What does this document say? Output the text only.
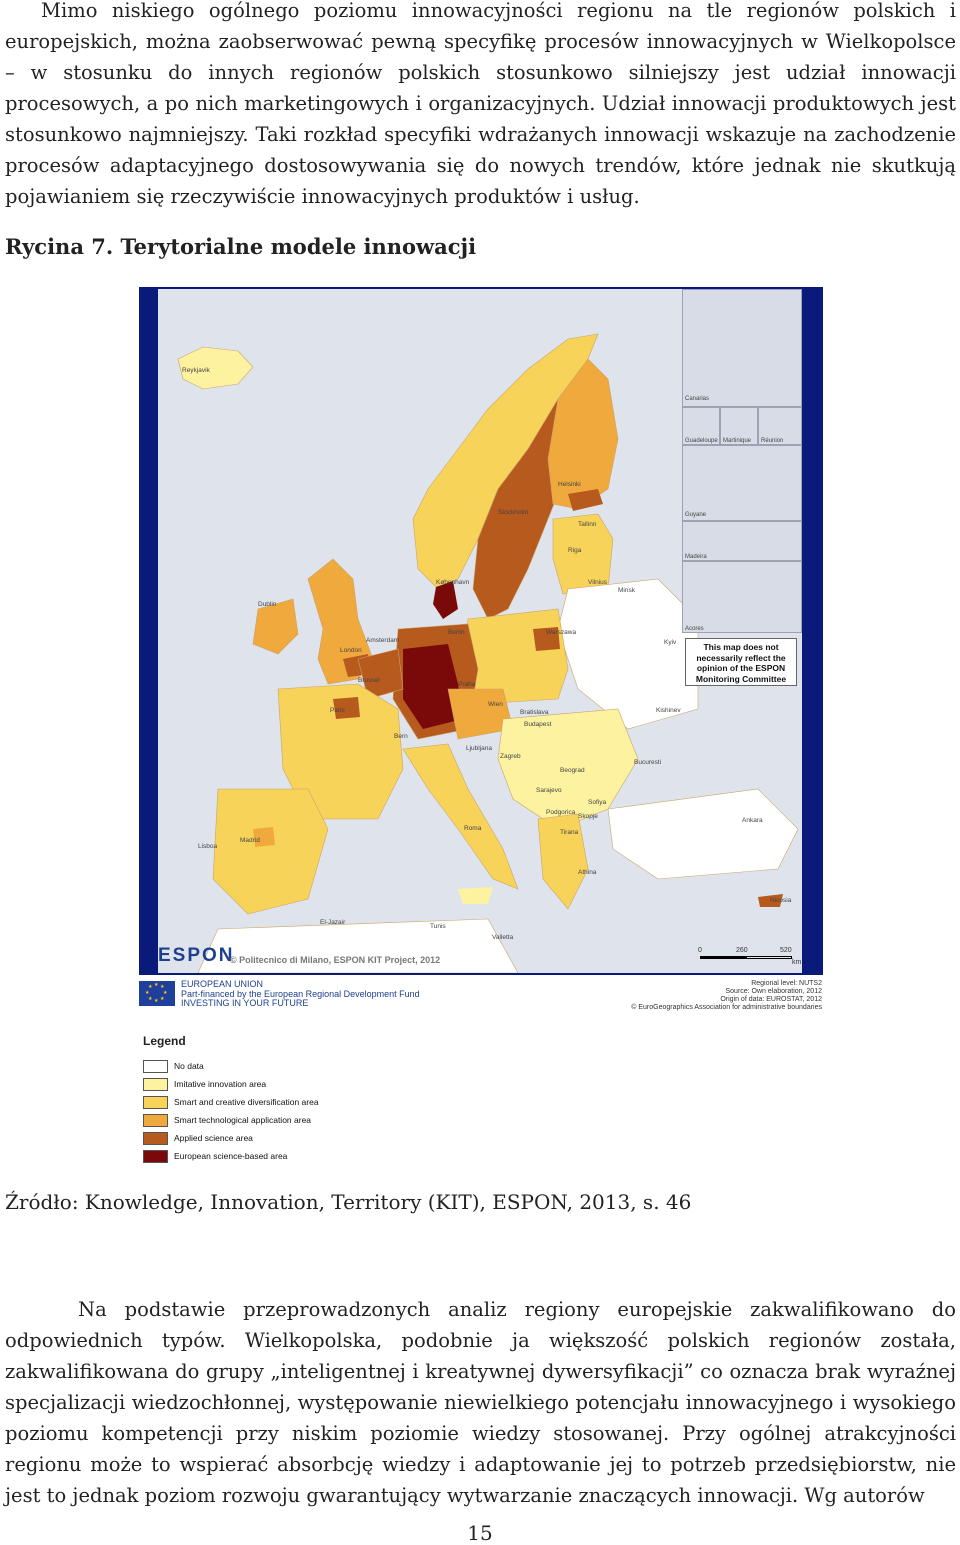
Mimo niskiego ogólnego poziomu innowacyjności regionu na tle regionów polskich i europejskich, można zaobserwować pewną specyfikę procesów innowacyjnych w Wielkopolsce – w stosunku do innych regionów polskich stosunkowo silniejszy jest udział innowacji procesowych, a po nich marketingowych i organizacyjnych. Udział innowacji produktowych jest stosunkowo najmniejszy. Taki rozkład specyfiki wdrażanych innowacji wskazuje na zachodzenie procesów adaptacyjnego dostosowywania się do nowych trendów, które jednak nie skutkują pojawianiem się rzeczywiście innowacyjnych produktów i usług.

Rycina 7. Terytorialne modele innowacji
Canarias
Guadeloupe Martinique Réunion
Guyane
Madeira
Acores
This map does not necessarily reflect the opinion of the ESPON Monitoring Committee
Reykjavik
Helsinki
Stockholm
Tallinn
Riga
Vilnius
Minsk
København
Dublin
London
Amsterdam
Berlin	Warszawa
Brussel
Paris
Praha
Kyiv
Wien
Bratislava
Budapest
Kishinev
Bern
Ljubljana
Zagreb
Beograd
Bucuresti
Sarajevo
Sofiya
Podgorica
Skopje
Roma
Tirana
Lisboa
Madrid
Ankara
Athina
Nicosia
El-Jazair
Tunis
Valletta
ESPON
© Politecnico di Milano, ESPON KIT Project, 2012
0	260	520
km
★ ★
★
★
★
★
★
★	EUROPEAN UNION
Part-financed by the European Regional Development Fund
INVESTING IN YOUR FUTURE
Regional level: NUTS2
Source: Own elaboration, 2012
Origin of data: EUROSTAT, 2012
© EuroGeographics Association for administrative boundaries
Legend
No data
Imitative innovation area
Smart and creative diversification area
Smart technological application area
Applied science area
European science-based area

Źródło: Knowledge, Innovation, Territory (KIT), ESPON, 2013, s. 46

Na podstawie przeprowadzonych analiz regiony europejskie zakwalifikowano do odpowiednich typów. Wielkopolska, podobnie ja większość polskich regionów została, zakwalifikowana do grupy „inteligentnej i kreatywnej dywersyfikacji” co oznacza brak wyraźnej specjalizacji wiedzochłonnej, występowanie niewielkiego potencjału innowacyjnego i wysokiego poziomu kompetencji przy niskim poziomie wiedzy stosowanej. Przy ogólnej atrakcyjności regionu może to wspierać absorbcję wiedzy i adaptowanie jej to potrzeb przedsiębiorstw, nie jest to jednak poziom rozwoju gwarantujący wytwarzanie znaczących innowacji. Wg autorów

15
